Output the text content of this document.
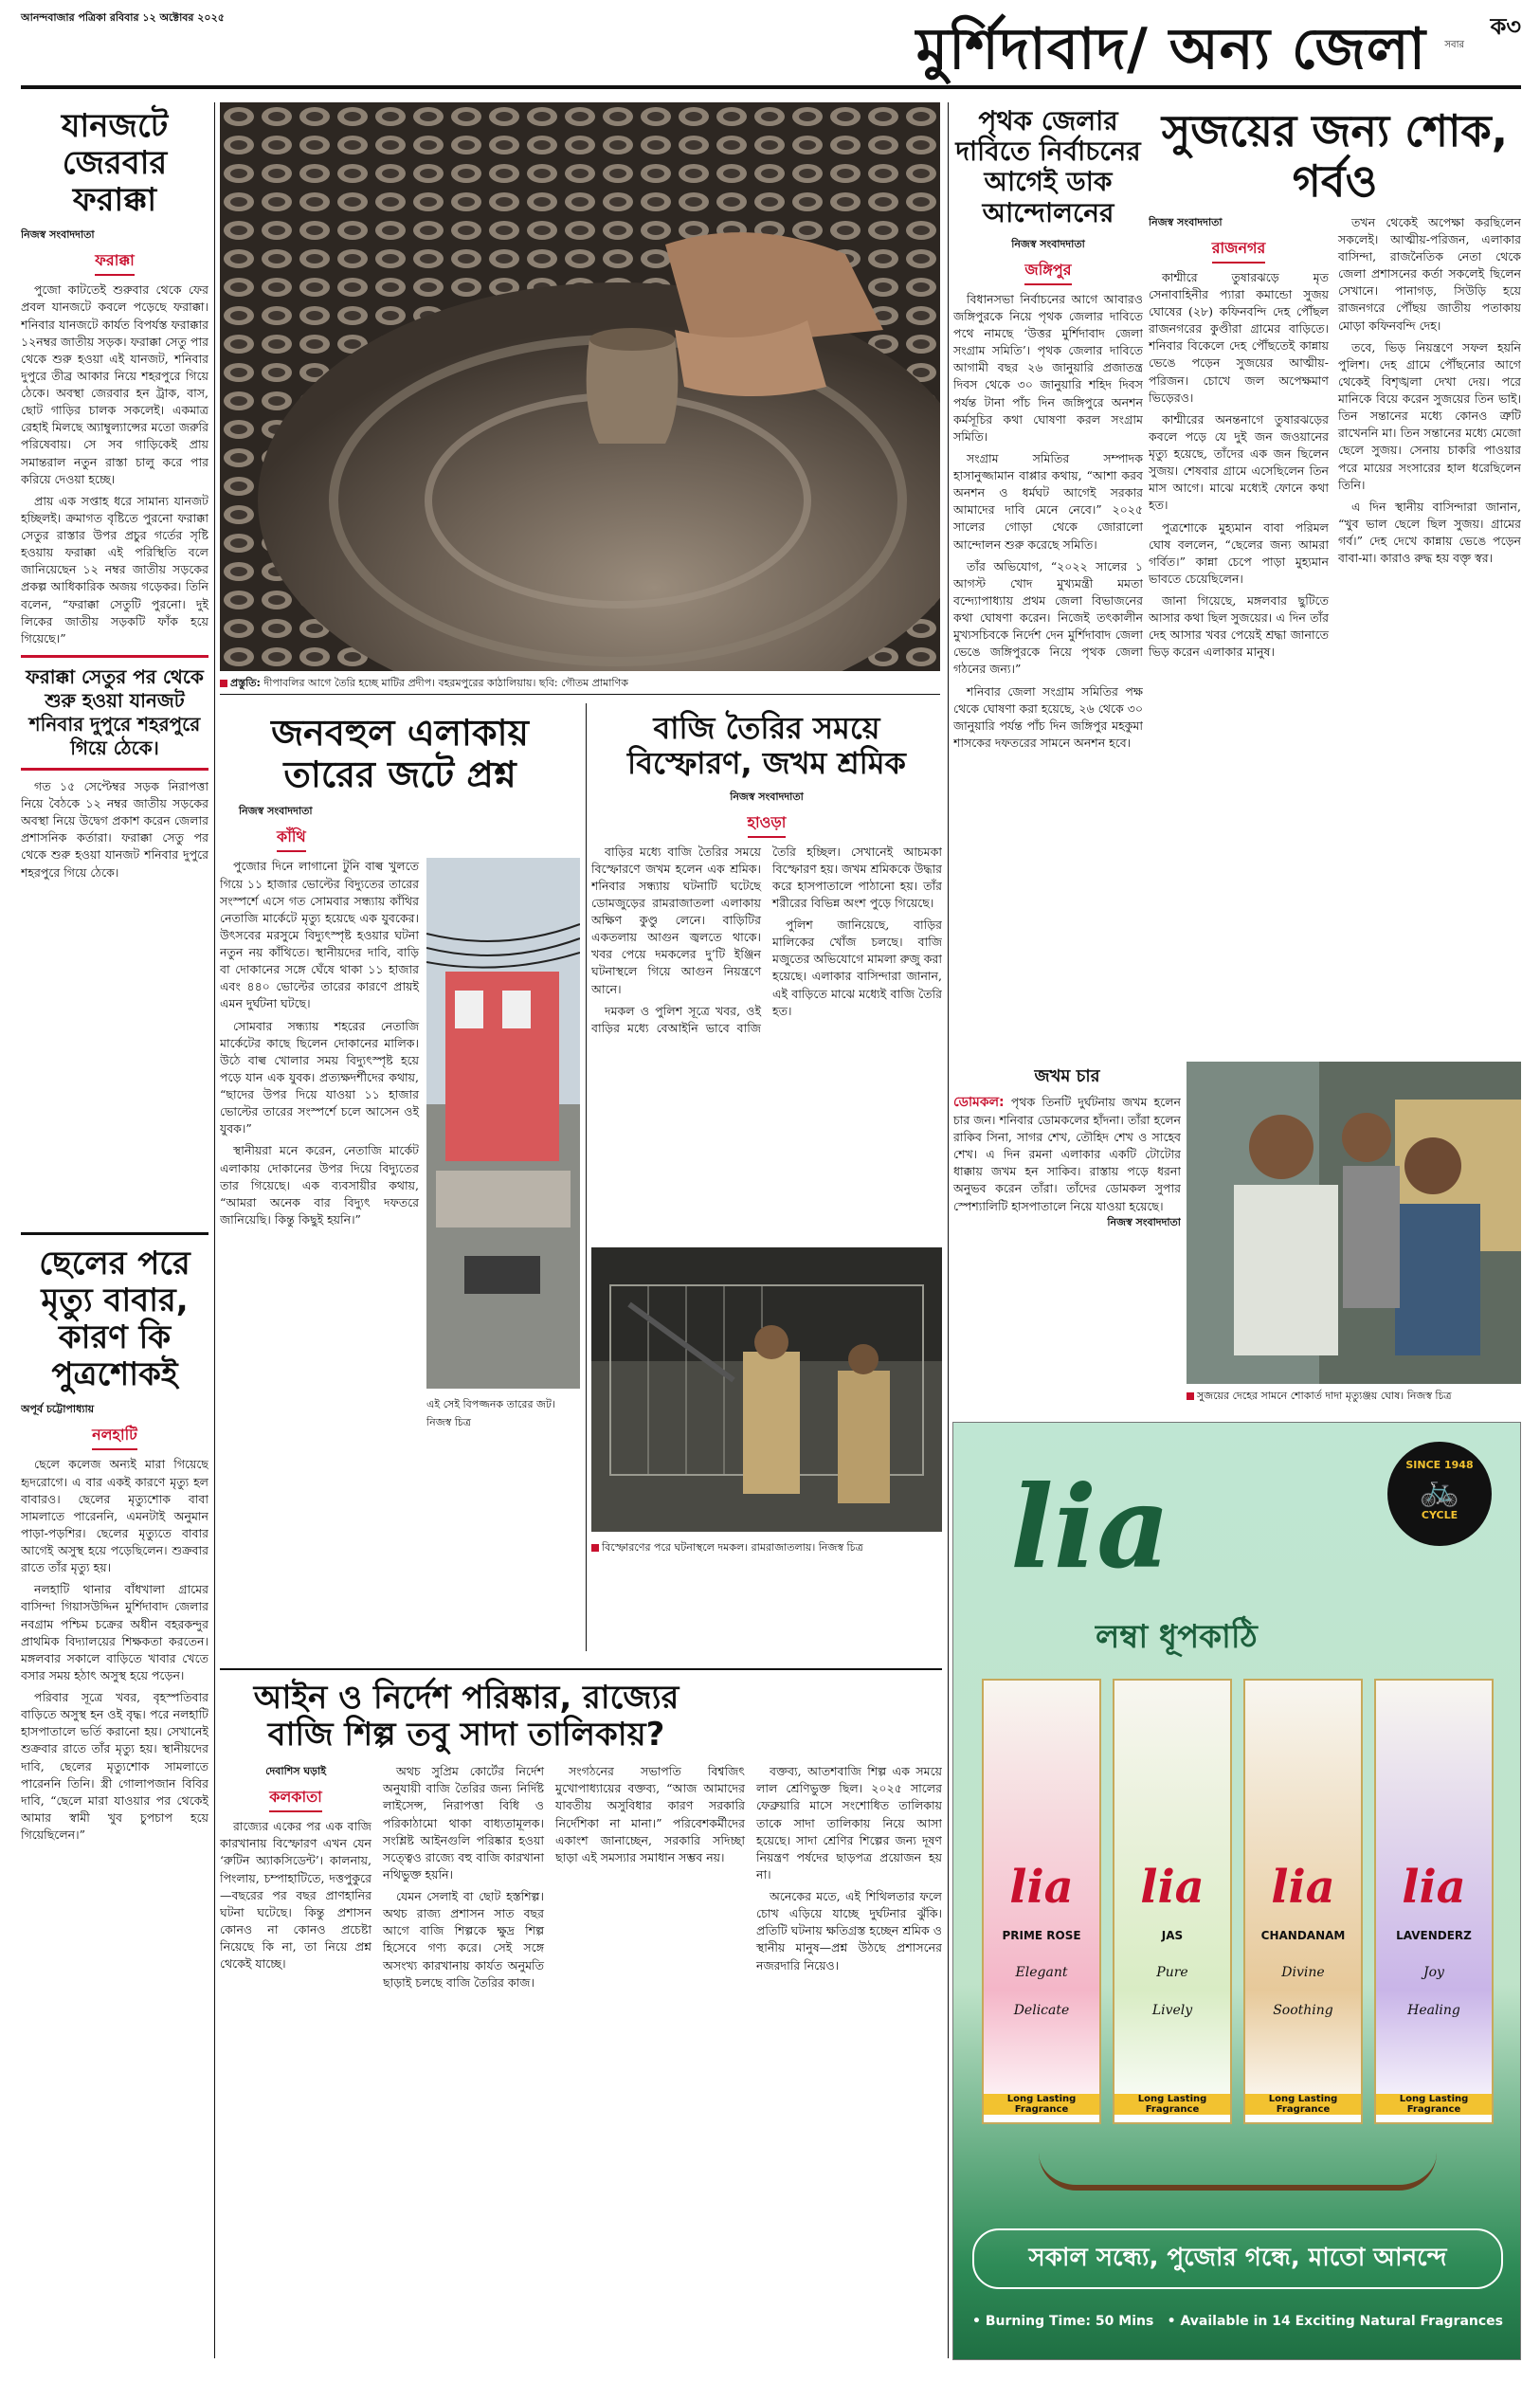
আনন্দবাজার পত্রিকা রবিবার ১২ অক্টোবর ২০২৫	মুর্শিদাবাদ/ অন্য জেলা সবার
ক৩
যানজটে জেরবার ফরাক্কা
নিজস্ব সংবাদদাতা
ফরাক্কা

পুজো কাটতেই শুরুবার থেকে ফের প্রবল যানজটে কবলে পড়েছে ফরাক্কা। শনিবার যানজটে কার্যত বিপর্যস্ত ফরাক্কার ১২নম্বর জাতীয় সড়ক। ফরাক্কা সেতু পার থেকে শুরু হওয়া এই যানজট, শনিবার দুপুরে তীব্র আকার নিয়ে শহরপুরে গিয়ে ঠেকে। অবস্থা জেরবার হন ট্রাক, বাস, ছোট গাড়ির চালক সকলেই। একমাত্র রেহাই মিলছে অ্যাম্বুল্যান্সের মতো জরুরি পরিষেবায়। সে সব গাড়িকেই প্রায় সমান্তরাল নতুন রাস্তা চালু করে পার করিয়ে দেওয়া হচ্ছে।

প্রায় এক সপ্তাহ ধরে সামান্য যানজট হচ্ছিলই। ক্রমাগত বৃষ্টিতে পুরনো ফরাক্কা সেতুর রাস্তার উপর প্রচুর গর্তের সৃষ্টি হওয়ায় ফরাক্কা এই পরিস্থিতি বলে জানিয়েছেন ১২ নম্বর জাতীয় সড়কের প্রকল্প আধিকারিক অজয় গড়েকর। তিনি বলেন, “ফরাক্কা সেতুটি পুরনো। দুই লিকের জাতীয় সড়কটি ফাঁক হয়ে গিয়েছে।”

ফরাক্কা সেতুর পর থেকে শুরু হওয়া যানজট শনিবার দুপুরে শহরপুরে গিয়ে ঠেকে।

গত ১৫ সেপ্টেম্বর সড়ক নিরাপত্তা নিয়ে বৈঠকে ১২ নম্বর জাতীয় সড়কের অবস্থা নিয়ে উদ্বেগ প্রকাশ করেন জেলার প্রশাসনিক কর্তারা। ফরাক্কা সেতু পর থেকে শুরু হওয়া যানজট শনিবার দুপুরে শহরপুরে গিয়ে ঠেকে।

ছেলের পরে মৃত্যু বাবার, কারণ কি পুত্রশোকই
অপূর্ব চট্টোপাধ্যায়
নলহাটি

ছেলে কলেজ অন্যই মারা গিয়েছে হৃদরোগে। এ বার একই কারণে মৃত্যু হল বাবারও। ছেলের মৃত্যুশোক বাবা সামলাতে পারেননি, এমনটাই অনুমান পাড়া-পড়শির। ছেলের মৃত্যুতে বাবার আগেই অসুস্থ হয়ে পড়েছিলেন। শুক্রবার রাতে তাঁর মৃত্যু হয়।

নলহাটি থানার বাঁধখালা গ্রামের বাসিন্দা গিয়াসউদ্দিন মুর্শিদাবাদ জেলার নবগ্রাম পশ্চিম চক্রের অধীন বহরকন্দুর প্রাথমিক বিদ্যালয়ের শিক্ষকতা করতেন। মঙ্গলবার সকালে বাড়িতে খাবার খেতে বসার সময় হঠাৎ অসুস্থ হয়ে পড়েন।

পরিবার সূত্রে খবর, বৃহস্পতিবার বাড়িতে অসুস্থ হন ওই বৃদ্ধ। পরে নলহাটি হাসপাতালে ভর্তি করানো হয়। সেখানেই শুক্রবার রাতে তাঁর মৃত্যু হয়। স্থানীয়দের দাবি, ছেলের মৃত্যুশোক সামলাতে পারেননি তিনি। স্ত্রী গোলাপজান বিবির দাবি, “ছেলে মারা যাওয়ার পর থেকেই আমার স্বামী খুব চুপচাপ হয়ে গিয়েছিলেন।”

প্রস্তুতি: দীপাবলির আগে তৈরি হচ্ছে মাটির প্রদীপ। বহরমপুরের কাঠালিয়ায়। ছবি: গৌতম প্রামাণিক
জনবহুল এলাকায় তারের জটে প্রশ্ন
নিজস্ব সংবাদদাতা
কাঁথি

পুজোর দিনে লাগানো টুনি বাল্ব খুলতে গিয়ে ১১ হাজার ভোল্টের বিদ্যুতের তারের সংস্পর্শে এসে গত সোমবার সন্ধ্যায় কাঁথির নেতাজি মার্কেটে মৃত্যু হয়েছে এক যুবকের। উৎসবের মরসুমে বিদ্যুৎস্পৃষ্ট হওয়ার ঘটনা নতুন নয় কাঁথিতে। স্থানীয়দের দাবি, বাড়ি বা দোকানের সঙ্গে ঘেঁষে থাকা ১১ হাজার এবং ৪৪০ ভোল্টের তারের কারণে প্রায়ই এমন দুর্ঘটনা ঘটছে।

সোমবার সন্ধ্যায় শহরের নেতাজি মার্কেটের কাছে ছিলেন দোকানের মালিক। উঠে বাল্ব খোলার সময় বিদ্যুৎস্পৃষ্ট হয়ে পড়ে যান এক যুবক। প্রত্যক্ষদর্শীদের কথায়, “ছাদের উপর দিয়ে যাওয়া ১১ হাজার ভোল্টের তারের সংস্পর্শে চলে আসেন ওই যুবক।”

স্থানীয়রা মনে করেন, নেতাজি মার্কেট এলাকায় দোকানের উপর দিয়ে বিদ্যুতের তার গিয়েছে। এক ব্যবসায়ীর কথায়, “আমরা অনেক বার বিদ্যুৎ দফতরে জানিয়েছি। কিন্তু কিছুই হয়নি।”

এই সেই বিপজ্জনক তারের জট। নিজস্ব চিত্র
বাজি তৈরির সময়ে বিস্ফোরণ, জখম শ্রমিক
নিজস্ব সংবাদদাতা
হাওড়া

বাড়ির মধ্যে বাজি তৈরির সময়ে বিস্ফোরণে জখম হলেন এক শ্রমিক। শনিবার সন্ধ্যায় ঘটনাটি ঘটেছে ডোমজুড়ের রামরাজাতলা এলাকায় অক্ষিণ কুণ্ডু লেনে। বাড়িটির একতলায় আগুন জ্বলতে থাকে। খবর পেয়ে দমকলের দু’টি ইঞ্জিন ঘটনাস্থলে গিয়ে আগুন নিয়ন্ত্রণে আনে।

দমকল ও পুলিশ সূত্রে খবর, ওই বাড়ির মধ্যে বেআইনি ভাবে বাজি তৈরি হচ্ছিল। সেখানেই আচমকা বিস্ফোরণ হয়। জখম শ্রমিককে উদ্ধার করে হাসপাতালে পাঠানো হয়। তাঁর শরীরের বিভিন্ন অংশ পুড়ে গিয়েছে।

পুলিশ জানিয়েছে, বাড়ির মালিকের খোঁজ চলছে। বাজি মজুতের অভিযোগে মামলা রুজু করা হয়েছে। এলাকার বাসিন্দারা জানান, এই বাড়িতে মাঝে মধ্যেই বাজি তৈরি হত।

বিস্ফোরণের পরে ঘটনাস্থলে দমকল। রামরাজাতলায়। নিজস্ব চিত্র
আইন ও নির্দেশ পরিষ্কার, রাজ্যের বাজি শিল্প তবু সাদা তালিকায়?
দেবাশিস ঘড়াই
কলকাতা

রাজ্যের একের পর এক বাজি কারখানায় বিস্ফোরণ এখন যেন ‘রুটিন অ্যাকসিডেন্ট’। কালনায়, পিংলায়, চম্পাহাটিতে, দত্তপুকুরে—বছরের পর বছর প্রাণহানির ঘটনা ঘটেছে। কিন্তু প্রশাসন কোনও না কোনও প্রচেষ্টা নিয়েছে কি না, তা নিয়ে প্রশ্ন থেকেই যাচ্ছে।

অথচ সুপ্রিম কোর্টের নির্দেশ অনুযায়ী বাজি তৈরির জন্য নির্দিষ্ট লাইসেন্স, নিরাপত্তা বিধি ও পরিকাঠামো থাকা বাধ্যতামূলক। সংশ্লিষ্ট আইনগুলি পরিষ্কার হওয়া সত্ত্বেও রাজ্যে বহু বাজি কারখানা নথিভুক্ত হয়নি।

যেমন সেলাই বা ছোট হস্তশিল্প। অথচ রাজ্য প্রশাসন সাত বছর আগে বাজি শিল্পকে ক্ষুদ্র শিল্প হিসেবে গণ্য করে। সেই সঙ্গে অসংখ্য কারখানায় কার্যত অনুমতি ছাড়াই চলছে বাজি তৈরির কাজ।

সংগঠনের সভাপতি বিশ্বজিৎ মুখোপাধ্যায়ের বক্তব্য, “আজ আমাদের যাবতীয় অসুবিধার কারণ সরকারি নির্দেশিকা না মানা।” পরিবেশকর্মীদের একাংশ জানাচ্ছেন, সরকারি সদিচ্ছা ছাড়া এই সমস্যার সমাধান সম্ভব নয়।

বক্তব্য, আতশবাজি শিল্প এক সময়ে লাল শ্রেণিভুক্ত ছিল। ২০২৫ সালের ফেব্রুয়ারি মাসে সংশোধিত তালিকায় তাকে সাদা তালিকায় নিয়ে আসা হয়েছে। সাদা শ্রেণির শিল্পের জন্য দূষণ নিয়ন্ত্রণ পর্ষদের ছাড়পত্র প্রয়োজন হয় না।

অনেকের মতে, এই শিথিলতার ফলে চোখ এড়িয়ে যাচ্ছে দুর্ঘটনার ঝুঁকি। প্রতিটি ঘটনায় ক্ষতিগ্রস্ত হচ্ছেন শ্রমিক ও স্থানীয় মানুষ—প্রশ্ন উঠছে প্রশাসনের নজরদারি নিয়েও।

পৃথক জেলার দাবিতে নির্বাচনের আগেই ডাক আন্দোলনের
নিজস্ব সংবাদদাতা
জঙ্গিপুর

বিধানসভা নির্বাচনের আগে আবারও জঙ্গিপুরকে নিয়ে পৃথক জেলার দাবিতে পথে নামছে ‘উত্তর মুর্শিদাবাদ জেলা সংগ্রাম সমিতি’। পৃথক জেলার দাবিতে আগামী বছর ২৬ জানুয়ারি প্রজাতন্ত্র দিবস থেকে ৩০ জানুয়ারি শহিদ দিবস পর্যন্ত টানা পাঁচ দিন জঙ্গিপুরে অনশন কর্মসূচির কথা ঘোষণা করল সংগ্রাম সমিতি।

সংগ্রাম সমিতির সম্পাদক হাসানুজ্জামান বাপ্পার কথায়, “আশা করব অনশন ও ধর্মঘট আগেই সরকার আমাদের দাবি মেনে নেবে।” ২০২৫ সালের গোড়া থেকে জোরালো আন্দোলন শুরু করেছে সমিতি।

তাঁর অভিযোগ, “২০২২ সালের ১ আগস্ট খোদ মুখ্যমন্ত্রী মমতা বন্দ্যোপাধ্যায় প্রথম জেলা বিভাজনের কথা ঘোষণা করেন। নিজেই তৎকালীন মুখ্যসচিবকে নির্দেশ দেন মুর্শিদাবাদ জেলা ভেঙে জঙ্গিপুরকে নিয়ে পৃথক জেলা গঠনের জন্য।”

শনিবার জেলা সংগ্রাম সমিতির পক্ষ থেকে ঘোষণা করা হয়েছে, ২৬ থেকে ৩০ জানুয়ারি পর্যন্ত পাঁচ দিন জঙ্গিপুর মহকুমা শাসকের দফতরের সামনে অনশন হবে।

সুজয়ের জন্য শোক, গর্বও
নিজস্ব সংবাদদাতা
রাজনগর

কাশ্মীরে তুষারঝড়ে মৃত সেনাবাহিনীর প্যারা কমান্ডো সুজয় ঘোষের (২৮) কফিনবন্দি দেহ পৌঁছল রাজনগরের কুণ্ডীরা গ্রামের বাড়িতে। শনিবার বিকেলে দেহ পৌঁছতেই কান্নায় ভেঙে পড়েন সুজয়ের আত্মীয়-পরিজন। চোখে জল অপেক্ষমাণ ভিড়েরও।

কাশ্মীরের অনন্তনাগে তুষারঝড়ের কবলে পড়ে যে দুই জন জওয়ানের মৃত্যু হয়েছে, তাঁদের এক জন ছিলেন সুজয়। শেষবার গ্রামে এসেছিলেন তিন মাস আগে। মাঝে মধ্যেই ফোনে কথা হত।

পুত্রশোকে মুহ্যমান বাবা পরিমল ঘোষ বললেন, “ছেলের জন্য আমরা গর্বিত।” কান্না চেপে পাড়া মুহ্যমান ভাবতে চেয়েছিলেন।

জানা গিয়েছে, মঙ্গলবার ছুটিতে আসার কথা ছিল সুজয়ের। এ দিন তাঁর দেহ আসার খবর পেয়েই শ্রদ্ধা জানাতে ভিড় করেন এলাকার মানুষ।

তখন থেকেই অপেক্ষা করছিলেন সকলেই। আত্মীয়-পরিজন, এলাকার বাসিন্দা, রাজনৈতিক নেতা থেকে জেলা প্রশাসনের কর্তা সকলেই ছিলেন সেখানে। পানাগড়, সিউড়ি হয়ে রাজনগরে পৌঁছয় জাতীয় পতাকায় মোড়া কফিনবন্দি দেহ।

তবে, ভিড় নিয়ন্ত্রণে সফল হয়নি পুলিশ। দেহ গ্রামে পৌঁছনোর আগে থেকেই বিশৃঙ্খলা দেখা দেয়। পরে মানিকে বিয়ে করেন সুজয়ের তিন ভাই। তিন সন্তানের মধ্যে কোনও ত্রুটি রাখেননি মা। তিন সন্তানের মধ্যে মেজো ছেলে সুজয়। সেনায় চাকরি পাওয়ার পরে মায়ের সংসারের হাল ধরেছিলেন তিনি।

এ দিন স্থানীয় বাসিন্দারা জানান, “খুব ভাল ছেলে ছিল সুজয়। গ্রামের গর্ব।” দেহ দেখে কান্নায় ভেঙে পড়েন বাবা-মা। কারাও রুদ্ধ হয় বক্তৃ স্বর।

জখম চার
ডোমকল: পৃথক তিনটি দুর্ঘটনায় জখম হলেন চার জন। শনিবার ডোমকলের হাঁদনা। তাঁরা হলেন রাকিব সিনা, সাগর শেখ, তৌহিদ শেখ ও সাহেব শেখ। এ দিন রমনা এলাকার একটি টোটোর ধাক্কায় জখম হন সাকিব। রাস্তায় পড়ে ধরনা অনুভব করেন তাঁরা। তাঁদের ডোমকল সুপার স্পেশ্যালিটি হাসপাতালে নিয়ে যাওয়া হয়েছে।
নিজস্ব সংবাদদাতা
সুজয়ের দেহের সামনে শোকার্ত দাদা মৃত্যুঞ্জয় ঘোষ। নিজস্ব চিত্র
SINCE 1948
🚲
CYCLE
lia
লম্বা ধূপকাঠি
lia
PRIME ROSE
Elegant
Delicate
Long Lasting Fragrance
lia
JAS
Pure
Lively
Long Lasting Fragrance
lia
CHANDANAM
Divine
Soothing
Long Lasting Fragrance
lia
LAVENDERZ
Joy
Healing
Long Lasting Fragrance
সকাল সন্ধ্যে, পুজোর গন্ধে, মাতো আনন্দে
• Burning Time: 50 Mins • Available in 14 Exciting Natural Fragrances
